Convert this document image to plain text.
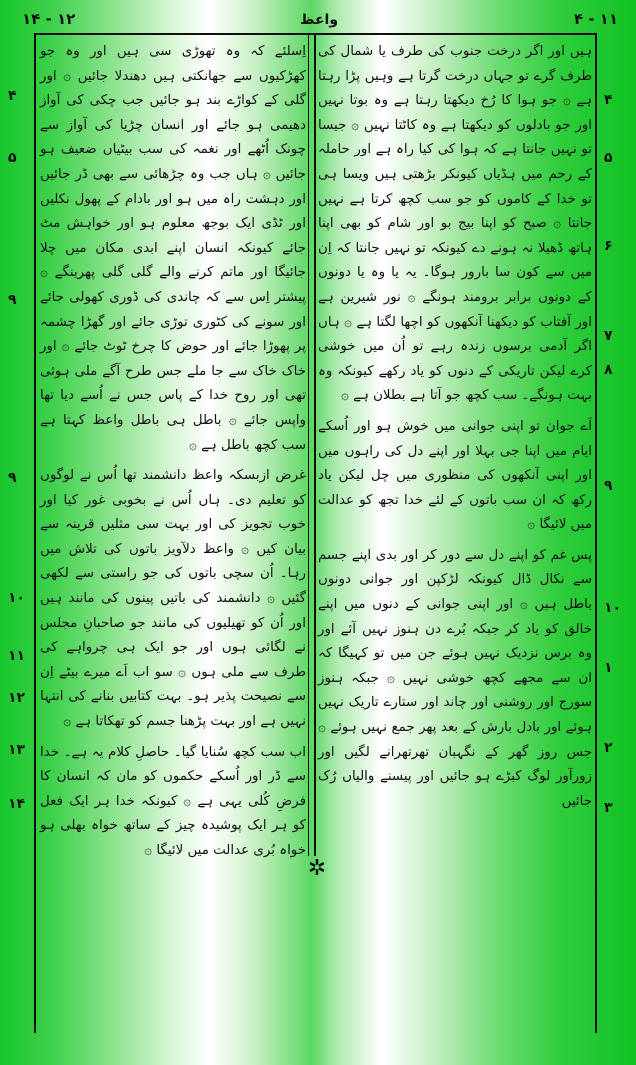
۱۴ - ۱۲	واعظ	۴ - ۱۱

ہیں اور اگر درخت جنوب کی طرف یا شمال کی طرف گرے تو جہاں درخت گرتا ہے وہیں پڑا رہتا ہے ۞ جو ہوا کا رُخ دیکھتا رہتا ہے وہ بوتا نہیں اور جو بادلوں کو دیکھتا ہے وہ کاٹتا نہیں ۞ جیسا تو نہیں جانتا ہے کہ ہوا کی کیا راہ ہے اور حاملہ کے رحم میں ہڈیاں کیونکر بڑھتی ہیں ویسا ہی تو خدا کے کاموں کو جو سب کچھ کرتا ہے نہیں جانتا ۞ صبح کو اپنا بیج بو اور شام کو بھی اپنا ہاتھ ڈھیلا نہ ہونے دے کیونکہ تو نہیں جانتا کہ اِن میں سے کون سا بارور ہوگا۔ یہ یا وہ یا دونوں کے دونوں برابر برومند ہونگے ۞ نور شیرین ہے اور آفتاب کو دیکھنا آنکھوں کو اچھا لگتا ہے ۞ ہاں اگر آدمی برسوں زندہ رہے تو اُن میں خوشی کرے لیکن تاریکی کے دنوں کو یاد رکھے کیونکہ وہ بہت ہونگے۔ سب کچھ جو آتا ہے بطلان ہے ۞

اَے جوان تو اپنی جوانی میں خوش ہو اور اُسکے ایام میں اپنا جی بہلا اور اپنے دل کی راہوں میں اور اپنی آنکھوں کی منظوری میں چل لیکن یاد رکھ کہ ان سب باتوں کے لئے خدا تجھ کو عدالت میں لائیگا ۞

پس غم کو اپنے دل سے دور کر اور بدی اپنے جسم سے نکال ڈال کیونکہ لڑکپن اور جوانی دونوں باطل ہیں ۞ اور اپنی جوانی کے دنوں میں اپنے خالق کو یاد کر جبکہ بُرے دن ہنوز نہیں آئے اور وہ برس نزدیک نہیں ہوئے جن میں تو کہیگا کہ ان سے مجھے کچھ خوشی نہیں ۞ جبکہ ہنوز سورج اور روشنی اور چاند اور ستارے تاریک نہیں ہوئے اور بادل بارش کے بعد پھر جمع نہیں ہوئے ۞ جس روز گھر کے نگہبان تھرتھرانے لگیں اور زورآور لوگ کبڑے ہو جائیں اور پیسنے والیاں رُک جائیں

اِسلئے کہ وہ تھوڑی سی ہیں اور وہ جو کھڑکیوں سے جھانکتی ہیں دھندلا جائیں ۞ اور گلی کے کواڑے بند ہو جائیں جب چکی کی آواز دھیمی ہو جائے اور انسان چڑیا کی آواز سے چونک اُٹھے اور نغمہ کی سب بیٹیاں ضعیف ہو جائیں ۞ ہاں جب وہ چڑھائی سے بھی ڈر جائیں اور دہشت راہ میں ہو اور بادام کے پھول نکلیں اور ٹڈی ایک بوجھ معلوم ہو اور خواہش مٹ جائے کیونکہ انسان اپنے ابدی مکان میں چلا جائیگا اور ماتم کرنے والے گلی گلی پھرینگے ۞ پیشتر اِس سے کہ چاندی کی ڈوری کھولی جائے اور سونے کی کٹوری توڑی جائے اور گھڑا چشمہ پر پھوڑا جائے اور حوض کا چرخ ٹوٹ جائے ۞ اور خاک خاک سے جا ملے جس طرح آگے ملی ہوئی تھی اور روح خدا کے پاس جس نے اُسے دیا تھا واپس جائے ۞ باطل ہی باطل واعظ کہتا ہے سب کچھ باطل ہے ۞

غرض ازبسکہ واعظ دانشمند تھا اُس نے لوگوں کو تعلیم دی۔ ہاں اُس نے بخوبی غور کیا اور خوب تجویز کی اور بہت سی مثلیں قرینہ سے بیان کیں ۞ واعظ دلآویز باتوں کی تلاش میں رہا۔ اُن سچی باتوں کی جو راستی سے لکھی گئیں ۞ دانشمند کی باتیں پینوں کی مانند ہیں اور اُن کو تھیلیوں کی مانند جو صاحبانِ مجلس نے لگائی ہوں اور جو ایک ہی چرواہے کی طرف سے ملی ہوں ۞ سو اب اَے میرے بیٹے اِن سے نصیحت پذیر ہو۔ بہت کتابیں بنانے کی انتہا نہیں ہے اور بہت پڑھنا جسم کو تھکاتا ہے ۞

اب سب کچھ سُنایا گیا۔ حاصلِ کلام یہ ہے۔ خدا سے ڈر اور اُسکے حکموں کو مان کہ انسان کا فرضِ کُلی یہی ہے ۞ کیونکہ خدا ہر ایک فعل کو ہر ایک پوشیدہ چیز کے ساتھ خواہ بھلی ہو خواہ بُری عدالت میں لائیگا ۞

۴
۵
۶
۷
۸
۹
۱۰
۱
۲
۳
۴
۵
۹
۹
۱۰
۱۱
۱۲
۱۳
۱۴
✲
